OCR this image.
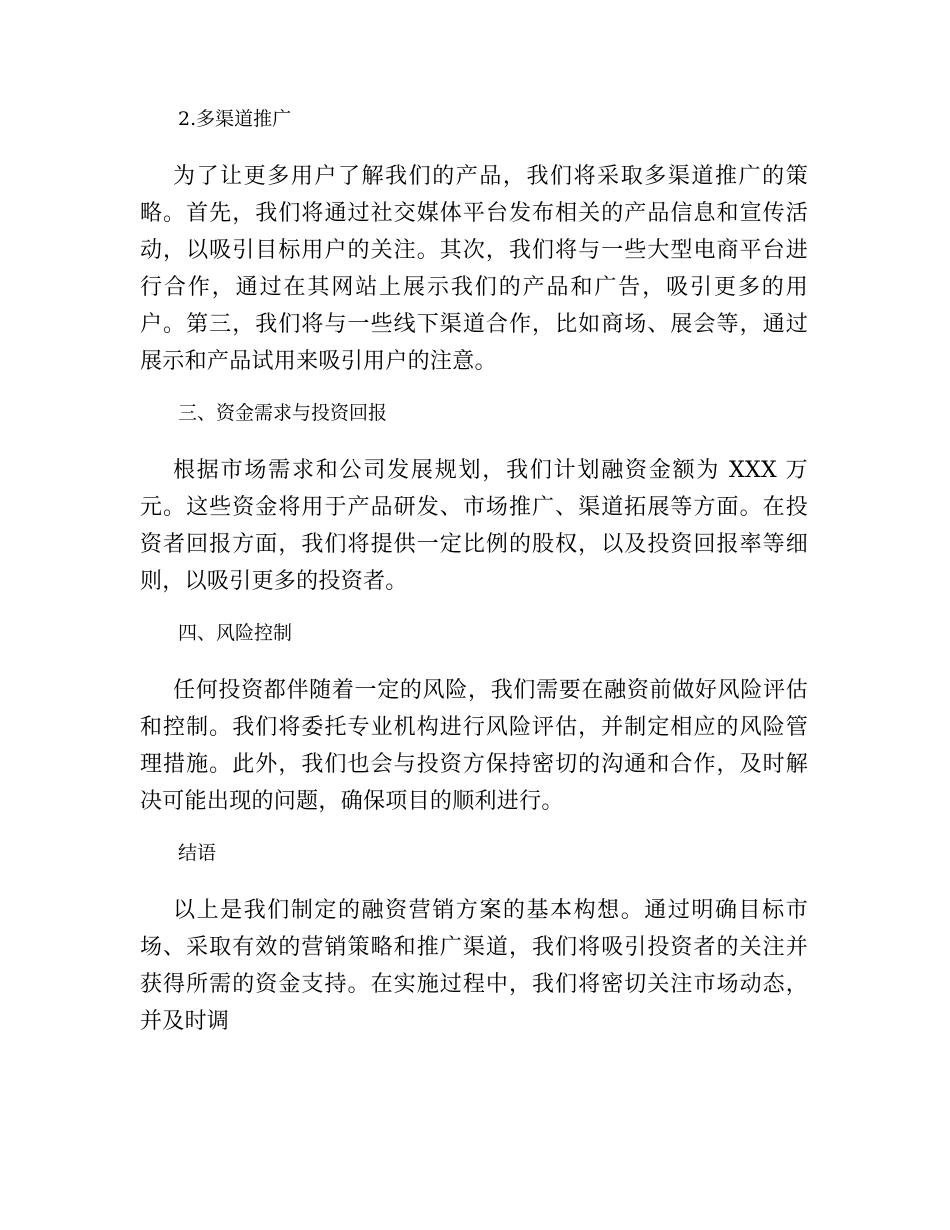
2.多渠道推广

为了让更多用户了解我们的产品，我们将采取多渠道推广的策略。首先，我们将通过社交媒体平台发布相关的产品信息和宣传活动，以吸引目标用户的关注。其次，我们将与一些大型电商平台进行合作，通过在其网站上展示我们的产品和广告，吸引更多的用户。第三，我们将与一些线下渠道合作，比如商场、展会等，通过展示和产品试用来吸引用户的注意。

三、资金需求与投资回报

根据市场需求和公司发展规划，我们计划融资金额为 XXX 万元。这些资金将用于产品研发、市场推广、渠道拓展等方面。在投资者回报方面，我们将提供一定比例的股权，以及投资回报率等细则，以吸引更多的投资者。

四、风险控制

任何投资都伴随着一定的风险，我们需要在融资前做好风险评估和控制。我们将委托专业机构进行风险评估，并制定相应的风险管理措施。此外，我们也会与投资方保持密切的沟通和合作，及时解决可能出现的问题，确保项目的顺利进行。

结语

以上是我们制定的融资营销方案的基本构想。通过明确目标市场、采取有效的营销策略和推广渠道，我们将吸引投资者的关注并获得所需的资金支持。在实施过程中，我们将密切关注市场动态，并及时调
